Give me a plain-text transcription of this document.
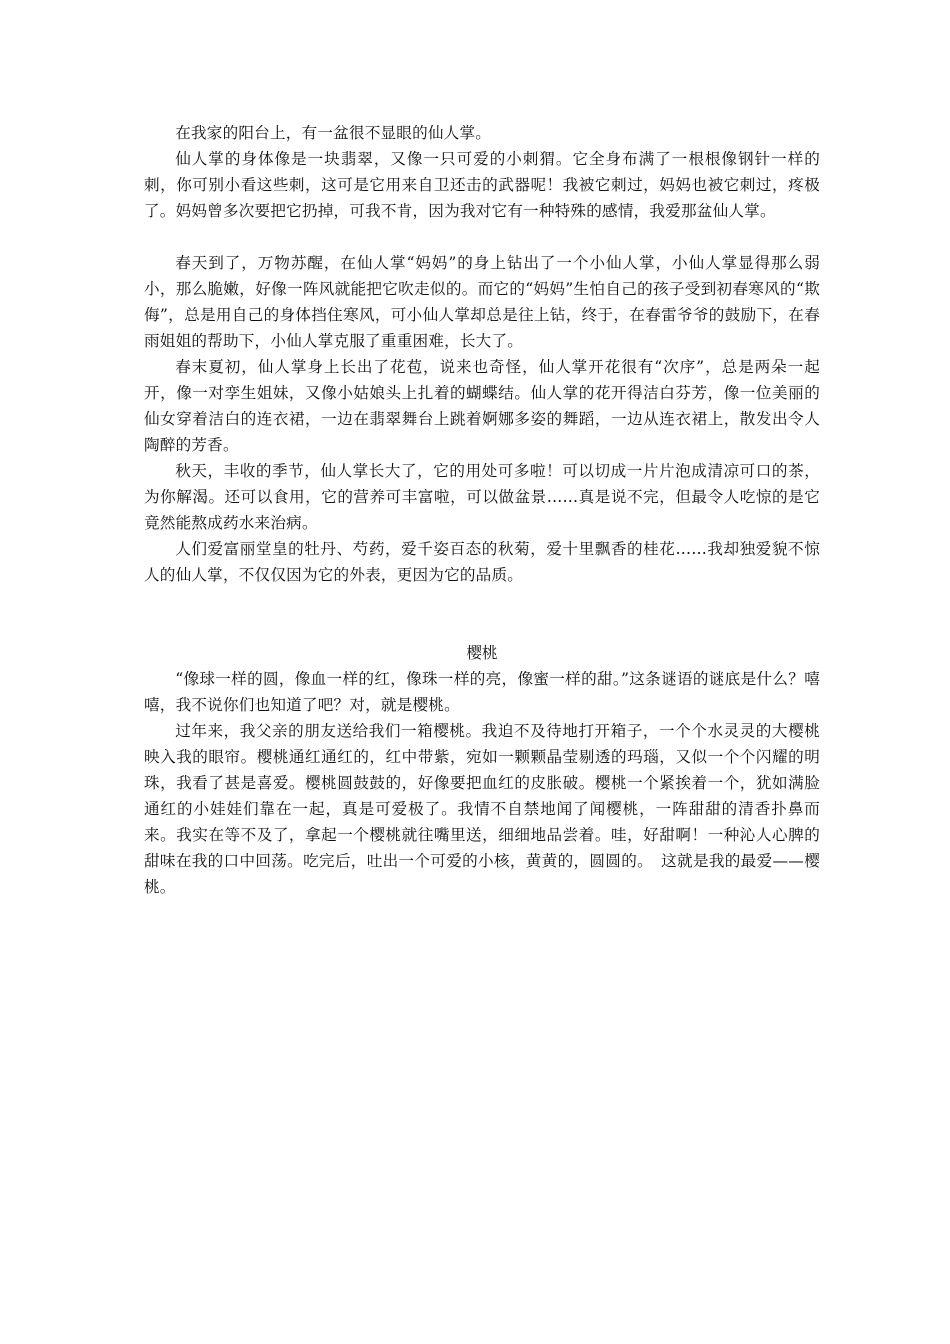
在我家的阳台上，有一盆很不显眼的仙人掌。

仙人掌的身体像是一块翡翠，又像一只可爱的小刺猬。它全身布满了一根根像钢针一样的刺，你可别小看这些刺，这可是它用来自卫还击的武器呢！我被它刺过，妈妈也被它刺过，疼极了。妈妈曾多次要把它扔掉，可我不肯，因为我对它有一种特殊的感情，我爱那盆仙人掌。

春天到了，万物苏醒，在仙人掌“妈妈”的身上钻出了一个小仙人掌，小仙人掌显得那么弱小，那么脆嫩，好像一阵风就能把它吹走似的。而它的“妈妈”生怕自己的孩子受到初春寒风的“欺侮”，总是用自己的身体挡住寒风，可小仙人掌却总是往上钻，终于，在春雷爷爷的鼓励下，在春雨姐姐的帮助下，小仙人掌克服了重重困难，长大了。

春末夏初，仙人掌身上长出了花苞，说来也奇怪，仙人掌开花很有“次序”，总是两朵一起开，像一对孪生姐妹，又像小姑娘头上扎着的蝴蝶结。仙人掌的花开得洁白芬芳，像一位美丽的仙女穿着洁白的连衣裙，一边在翡翠舞台上跳着婀娜多姿的舞蹈，一边从连衣裙上，散发出令人陶醉的芳香。

秋天，丰收的季节，仙人掌长大了，它的用处可多啦！可以切成一片片泡成清凉可口的茶，为你解渴。还可以食用，它的营养可丰富啦，可以做盆景……真是说不完，但最令人吃惊的是它竟然能熬成药水来治病。

人们爱富丽堂皇的牡丹、芍药，爱千姿百态的秋菊，爱十里飘香的桂花……我却独爱貌不惊人的仙人掌，不仅仅因为它的外表，更因为它的品质。

樱桃

“像球一样的圆，像血一样的红，像珠一样的亮，像蜜一样的甜。”这条谜语的谜底是什么？嘻嘻，我不说你们也知道了吧？对，就是樱桃。

过年来，我父亲的朋友送给我们一箱樱桃。我迫不及待地打开箱子，一个个水灵灵的大樱桃映入我的眼帘。樱桃通红通红的，红中带紫，宛如一颗颗晶莹剔透的玛瑙，又似一个个闪耀的明珠，我看了甚是喜爱。樱桃圆鼓鼓的，好像要把血红的皮胀破。樱桃一个紧挨着一个，犹如满脸通红的小娃娃们靠在一起，真是可爱极了。我情不自禁地闻了闻樱桃，一阵甜甜的清香扑鼻而来。我实在等不及了，拿起一个樱桃就往嘴里送，细细地品尝着。哇，好甜啊！一种沁人心脾的甜味在我的口中回荡。吃完后，吐出一个可爱的小核，黄黄的，圆圆的。　这就是我的最爱——樱桃。
